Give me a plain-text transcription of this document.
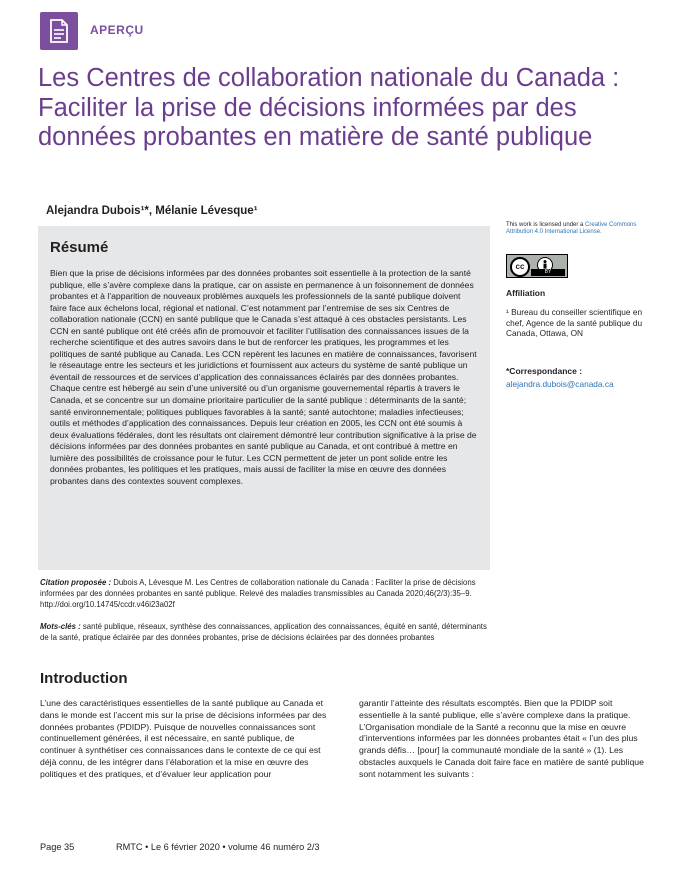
APERÇU
Les Centres de collaboration nationale du Canada : Faciliter la prise de décisions informées par des données probantes en matière de santé publique
Alejandra Dubois¹*, Mélanie Lévesque¹
Résumé

Bien que la prise de décisions informées par des données probantes soit essentielle à la protection de la santé publique, elle s’avère complexe dans la pratique, car on assiste en permanence à un foisonnement de données probantes et à l’apparition de nouveaux problèmes auxquels les professionnels de la santé publique doivent faire face aux échelons local, régional et national. C’est notamment par l’entremise de ses six Centres de collaboration nationale (CCN) en santé publique que le Canada s’est attaqué à ces obstacles persistants. Les CCN en santé publique ont été créés afin de promouvoir et faciliter l’utilisation des connaissances issues de la recherche scientifique et des autres savoirs dans le but de renforcer les pratiques, les programmes et les politiques de santé publique au Canada. Les CCN repèrent les lacunes en matière de connaissances, favorisent le réseautage entre les secteurs et les juridictions et fournissent aux acteurs du système de santé publique un éventail de ressources et de services d’application des connaissances éclairés par des données probantes. Chaque centre est hébergé au sein d’une université ou d’un organisme gouvernemental répartis à travers le Canada, et se concentre sur un domaine prioritaire particulier de la santé publique : déterminants de la santé; santé environnementale; politiques publiques favorables à la santé; santé autochtone; maladies infectieuses; outils et méthodes d’application des connaissances. Depuis leur création en 2005, les CCN ont été soumis à deux évaluations fédérales, dont les résultats ont clairement démontré leur contribution significative à la prise de décisions informées par des données probantes en santé publique au Canada, et ont contribué à mettre en lumière des possibilités de croissance pour le futur. Les CCN permettent de jeter un pont solide entre les données probantes, les politiques et les pratiques, mais aussi de faciliter la mise en œuvre des données probantes dans des contextes souvent complexes.

This work is licensed under a Creative Commons Attribution 4.0 International License.
cc
BY
Affiliation
¹ Bureau du conseiller scientifique en chef, Agence de la santé publique du Canada, Ottawa, ON
*Correspondance :
alejandra.dubois@canada.ca
Citation proposée : Dubois A, Lévesque M. Les Centres de collaboration nationale du Canada : Faciliter la prise de décisions informées par des données probantes en santé publique. Relevé des maladies transmissibles au Canada 2020;46(2/3):35–9. http://doi.org/10.14745/ccdr.v46i23a02f
Mots-clés : santé publique, réseaux, synthèse des connaissances, application des connaissances, équité en santé, déterminants de la santé, pratique éclairée par des données probantes, prise de décisions éclairées par des données probantes
Introduction

L’une des caractéristiques essentielles de la santé publique au Canada et dans le monde est l’accent mis sur la prise de décisions informées par des données probantes (PDIDP). Puisque de nouvelles connaissances sont continuellement générées, il est nécessaire, en santé publique, de continuer à synthétiser ces connaissances dans le contexte de ce qui est déjà connu, de les intégrer dans l’élaboration et la mise en œuvre des politiques et des pratiques, et d’évaluer leur application pour

garantir l’atteinte des résultats escomptés. Bien que la PDIDP soit essentielle à la santé publique, elle s’avère complexe dans la pratique. L’Organisation mondiale de la Santé a reconnu que la mise en œuvre d’interventions informées par les données probantes était « l’un des plus grands défis… [pour] la communauté mondiale de la santé » (1). Les obstacles auxquels le Canada doit faire face en matière de santé publique sont notamment les suivants :

Page 35	RMTC • Le 6 février 2020 • volume 46 numéro 2/3
